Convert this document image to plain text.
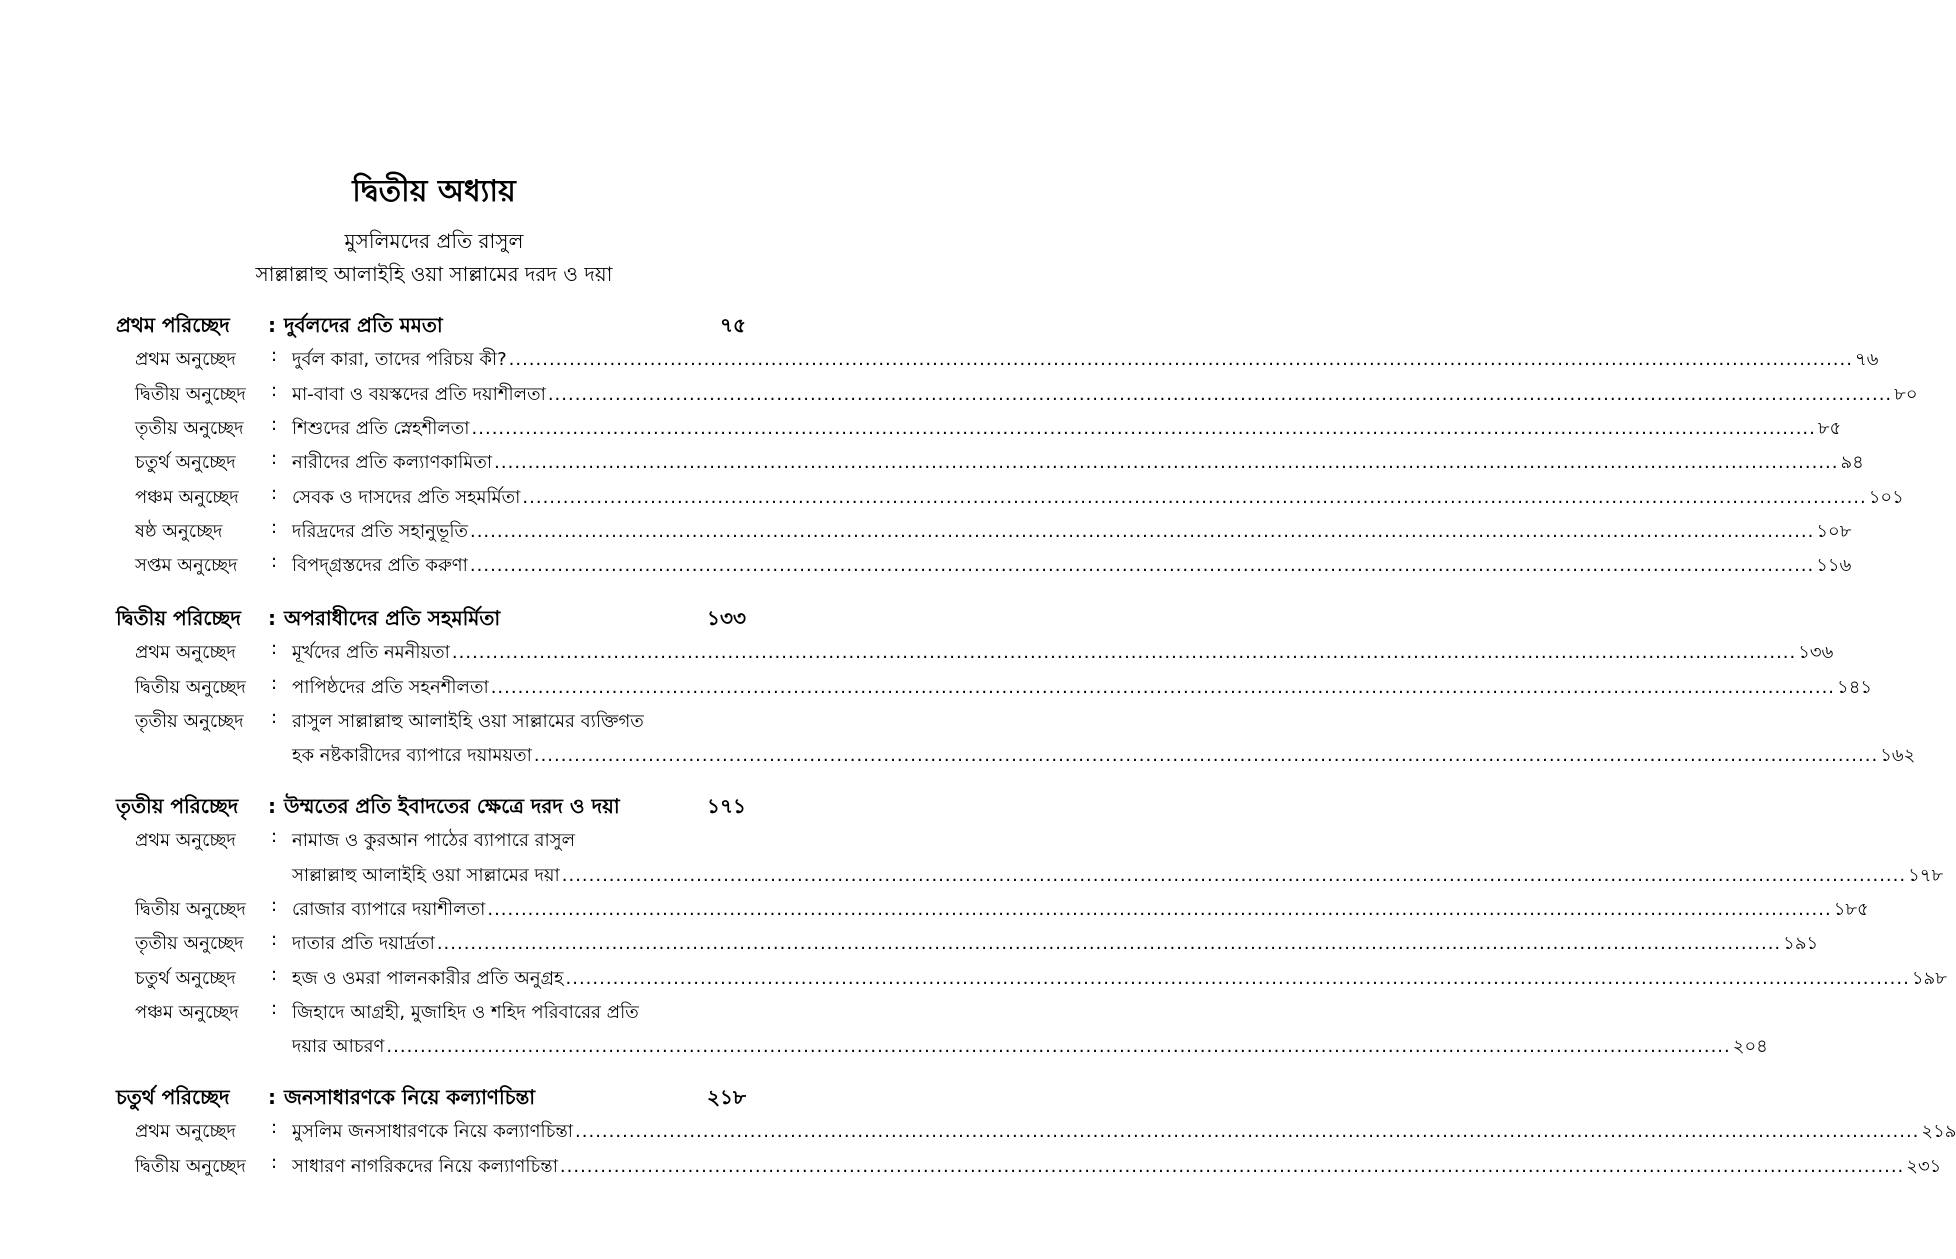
দ্বিতীয় অধ্যায়
মুসলিমদের প্রতি রাসুল
সাল্লাল্লাহু আলাইহি ওয়া সাল্লামের দরদ ও দয়া
প্রথম পরিচ্ছেদ : দুর্বলদের প্রতি মমতা	৭৫
প্রথম অনুচ্ছেদ : দুর্বল কারা, তাদের পরিচয় কী? ........................................................................................................................................................................................................ ৭৬
দ্বিতীয় অনুচ্ছেদ : মা-বাবা ও বয়স্কদের প্রতি দয়াশীলতা ........................................................................................................................................................................................................ ৮০
তৃতীয় অনুচ্ছেদ : শিশুদের প্রতি স্নেহশীলতা ........................................................................................................................................................................................................ ৮৫
চতুর্থ অনুচ্ছেদ : নারীদের প্রতি কল্যাণকামিতা ........................................................................................................................................................................................................ ৯৪
পঞ্চম অনুচ্ছেদ : সেবক ও দাসদের প্রতি সহমর্মিতা ........................................................................................................................................................................................................ ১০১
ষষ্ঠ অনুচ্ছেদ	: দরিদ্রদের প্রতি সহানুভূতি ........................................................................................................................................................................................................ ১০৮
সপ্তম অনুচ্ছেদ : বিপদ্গ্রস্তদের প্রতি করুণা ........................................................................................................................................................................................................ ১১৬
দ্বিতীয় পরিচ্ছেদ : অপরাধীদের প্রতি সহমর্মিতা	১৩৩
প্রথম অনুচ্ছেদ : মূর্খদের প্রতি নমনীয়তা ........................................................................................................................................................................................................ ১৩৬
দ্বিতীয় অনুচ্ছেদ : পাপিষ্ঠদের প্রতি সহনশীলতা ........................................................................................................................................................................................................ ১৪১
তৃতীয় অনুচ্ছেদ : রাসুল সাল্লাল্লাহু আলাইহি ওয়া সাল্লামের ব্যক্তিগত
হক নষ্টকারীদের ব্যাপারে দয়াময়তা ........................................................................................................................................................................................................ ১৬২
তৃতীয় পরিচ্ছেদ : উম্মতের প্রতি ইবাদতের ক্ষেত্রে দরদ ও দয়া	১৭১
প্রথম অনুচ্ছেদ : নামাজ ও কুরআন পাঠের ব্যাপারে রাসুল
সাল্লাল্লাহু আলাইহি ওয়া সাল্লামের দয়া ........................................................................................................................................................................................................ ১৭৮
দ্বিতীয় অনুচ্ছেদ : রোজার ব্যাপারে দয়াশীলতা ........................................................................................................................................................................................................ ১৮৫
তৃতীয় অনুচ্ছেদ : দাতার প্রতি দয়ার্দ্রতা ........................................................................................................................................................................................................ ১৯১
চতুর্থ অনুচ্ছেদ : হজ ও ওমরা পালনকারীর প্রতি অনুগ্রহ ........................................................................................................................................................................................................ ১৯৮
পঞ্চম অনুচ্ছেদ : জিহাদে আগ্রহী, মুজাহিদ ও শহিদ পরিবারের প্রতি
দয়ার আচরণ ........................................................................................................................................................................................................ ২০৪
চতুর্থ পরিচ্ছেদ : জনসাধারণকে নিয়ে কল্যাণচিন্তা	২১৮
প্রথম অনুচ্ছেদ : মুসলিম জনসাধারণকে নিয়ে কল্যাণচিন্তা ........................................................................................................................................................................................................ ২১৯
দ্বিতীয় অনুচ্ছেদ : সাধারণ নাগরিকদের নিয়ে কল্যাণচিন্তা ........................................................................................................................................................................................................ ২৩১
